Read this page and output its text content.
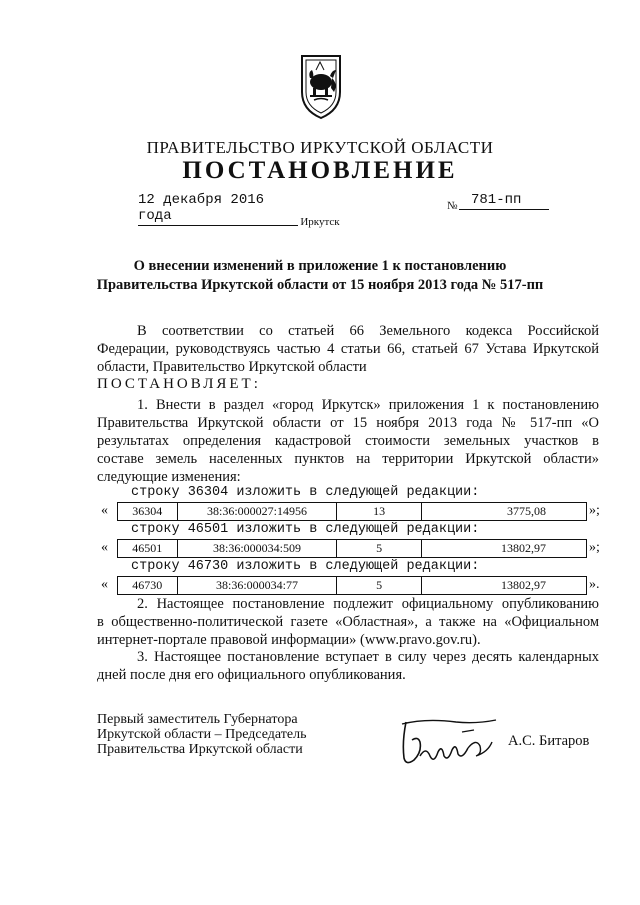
ПРАВИТЕЛЬСТВО ИРКУТСКОЙ ОБЛАСТИ
ПОСТАНОВЛЕНИЕ
12 декабря 2016 года
№ 781-пп
Иркутск
О внесении изменений в приложение 1 к постановлению
Правительства Иркутской области от 15 ноября 2013 года № 517-пп
В соответствии со статьей 66 Земельного кодекса Российской
Федерации, руководствуясь частью 4 статьи 66, статьей 67 Устава Иркутской
области, Правительство Иркутской области
ПОСТАНОВЛЯЕТ:
1. Внести в раздел «город Иркутск» приложения 1 к постановлению
Правительства Иркутской области от 15 ноября 2013 года № 517-пп «О
результатах определения кадастровой стоимости земельных участков в
составе земель населенных пунктов на территории Иркутской области»
следующие изменения:
строку 36304 изложить в следующей редакции:
«	36304	38:36:000027:14956	13	3775,08	»;
строку 46501 изложить в следующей редакции:
«	46501	38:36:000034:509	5	13802,97	»;
строку 46730 изложить в следующей редакции:
«	46730	38:36:000034:77	5	13802,97	».
2. Настоящее постановление подлежит официальному опубликованию
в общественно-политической газете «Областная», а также на «Официальном
интернет-портале правовой информации» (www.pravo.gov.ru).
3. Настоящее постановление вступает в силу через десять календарных
дней после дня его официального опубликования.
Первый заместитель Губернатора
Иркутской области – Председатель
Правительства Иркутской области
А.С. Битаров
